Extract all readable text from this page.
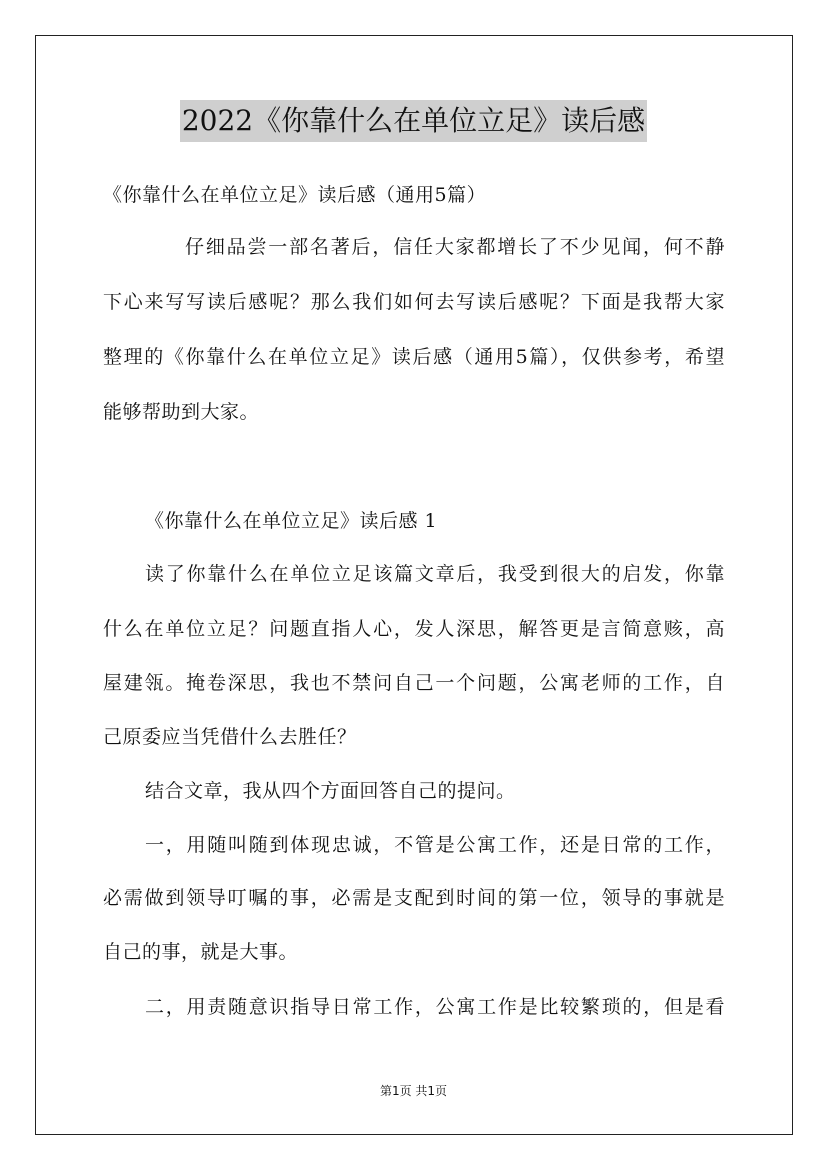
2022《你靠什么在单位立足》读后感
《你靠什么在单位立足》读后感（通用5篇）
仔细品尝一部名著后，信任大家都增长了不少见闻，何不静
下心来写写读后感呢？那么我们如何去写读后感呢？下面是我帮大家
整理的《你靠什么在单位立足》读后感（通用5篇），仅供参考，希望
能够帮助到大家。
《你靠什么在单位立足》读后感 1
读了你靠什么在单位立足该篇文章后，我受到很大的启发，你靠
什么在单位立足？问题直指人心，发人深思，解答更是言简意赅，高
屋建瓴。掩卷深思，我也不禁问自己一个问题，公寓老师的工作，自
己原委应当凭借什么去胜任？
结合文章，我从四个方面回答自己的提问。
一，用随叫随到体现忠诚，不管是公寓工作，还是日常的工作，
必需做到领导叮嘱的事，必需是支配到时间的第一位，领导的事就是
自己的事，就是大事。
二，用责随意识指导日常工作，公寓工作是比较繁琐的，但是看
第1页 共1页
